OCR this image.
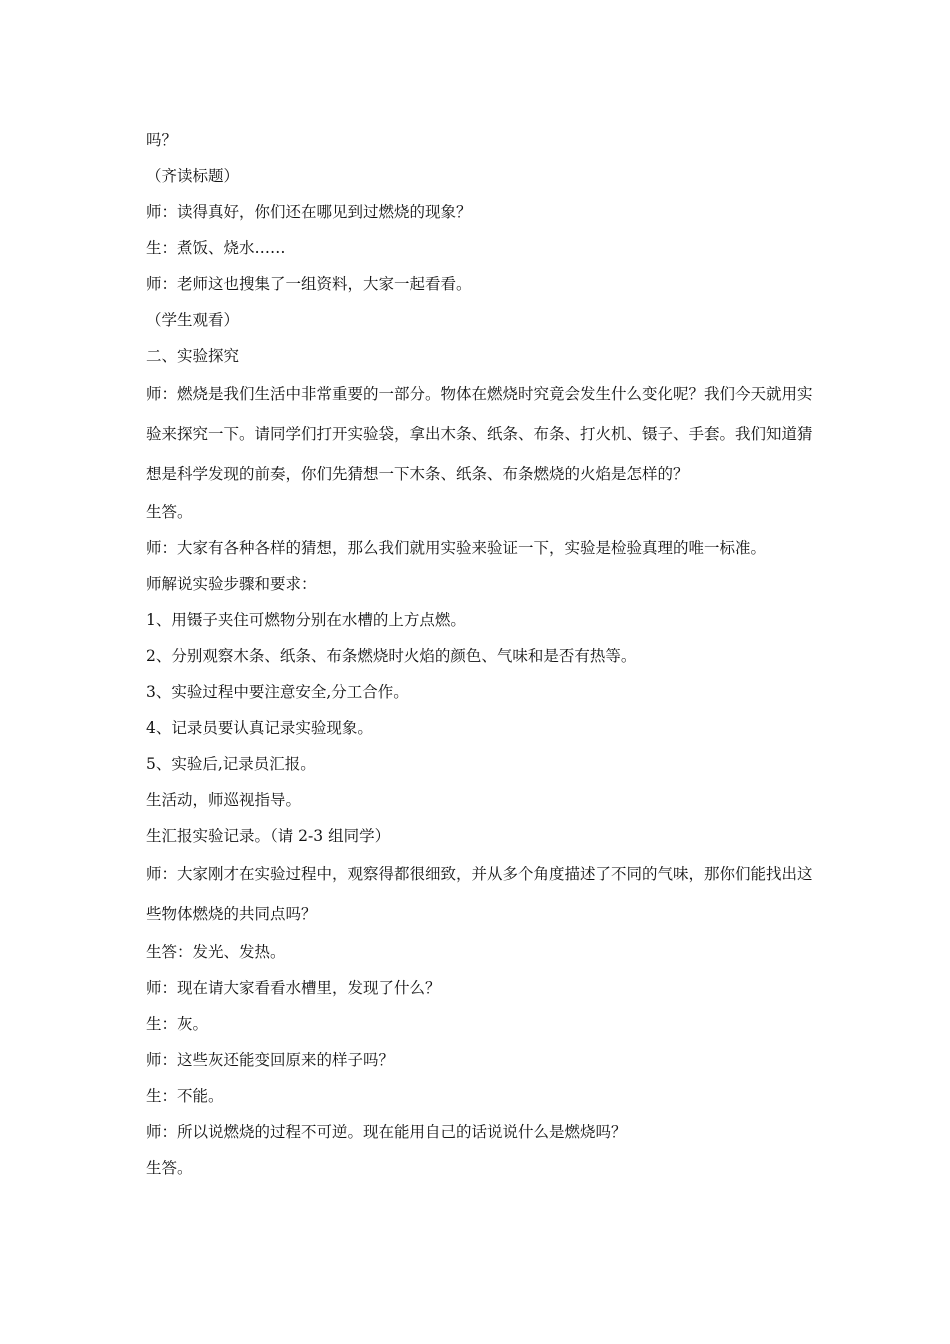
吗？

（齐读标题）

师：读得真好，你们还在哪见到过燃烧的现象？

生：煮饭、烧水……

师：老师这也搜集了一组资料，大家一起看看。

（学生观看）

二、实验探究

师：燃烧是我们生活中非常重要的一部分。物体在燃烧时究竟会发生什么变化呢？我们今天就用实验来探究一下。请同学们打开实验袋，拿出木条、纸条、布条、打火机、镊子、手套。我们知道猜想是科学发现的前奏，你们先猜想一下木条、纸条、布条燃烧的火焰是怎样的？

生答。

师：大家有各种各样的猜想，那么我们就用实验来验证一下，实验是检验真理的唯一标准。

师解说实验步骤和要求：

1、用镊子夹住可燃物分别在水槽的上方点燃。

2、分别观察木条、纸条、布条燃烧时火焰的颜色、气味和是否有热等。

3、实验过程中要注意安全,分工合作。

4、记录员要认真记录实验现象。

5、实验后,记录员汇报。

生活动，师巡视指导。

生汇报实验记录。（请 2-3 组同学）

师：大家刚才在实验过程中，观察得都很细致，并从多个角度描述了不同的气味，那你们能找出这些物体燃烧的共同点吗？

生答：发光、发热。

师：现在请大家看看水槽里，发现了什么？

生：灰。

师：这些灰还能变回原来的样子吗？

生：不能。

师：所以说燃烧的过程不可逆。现在能用自己的话说说什么是燃烧吗？

生答。
